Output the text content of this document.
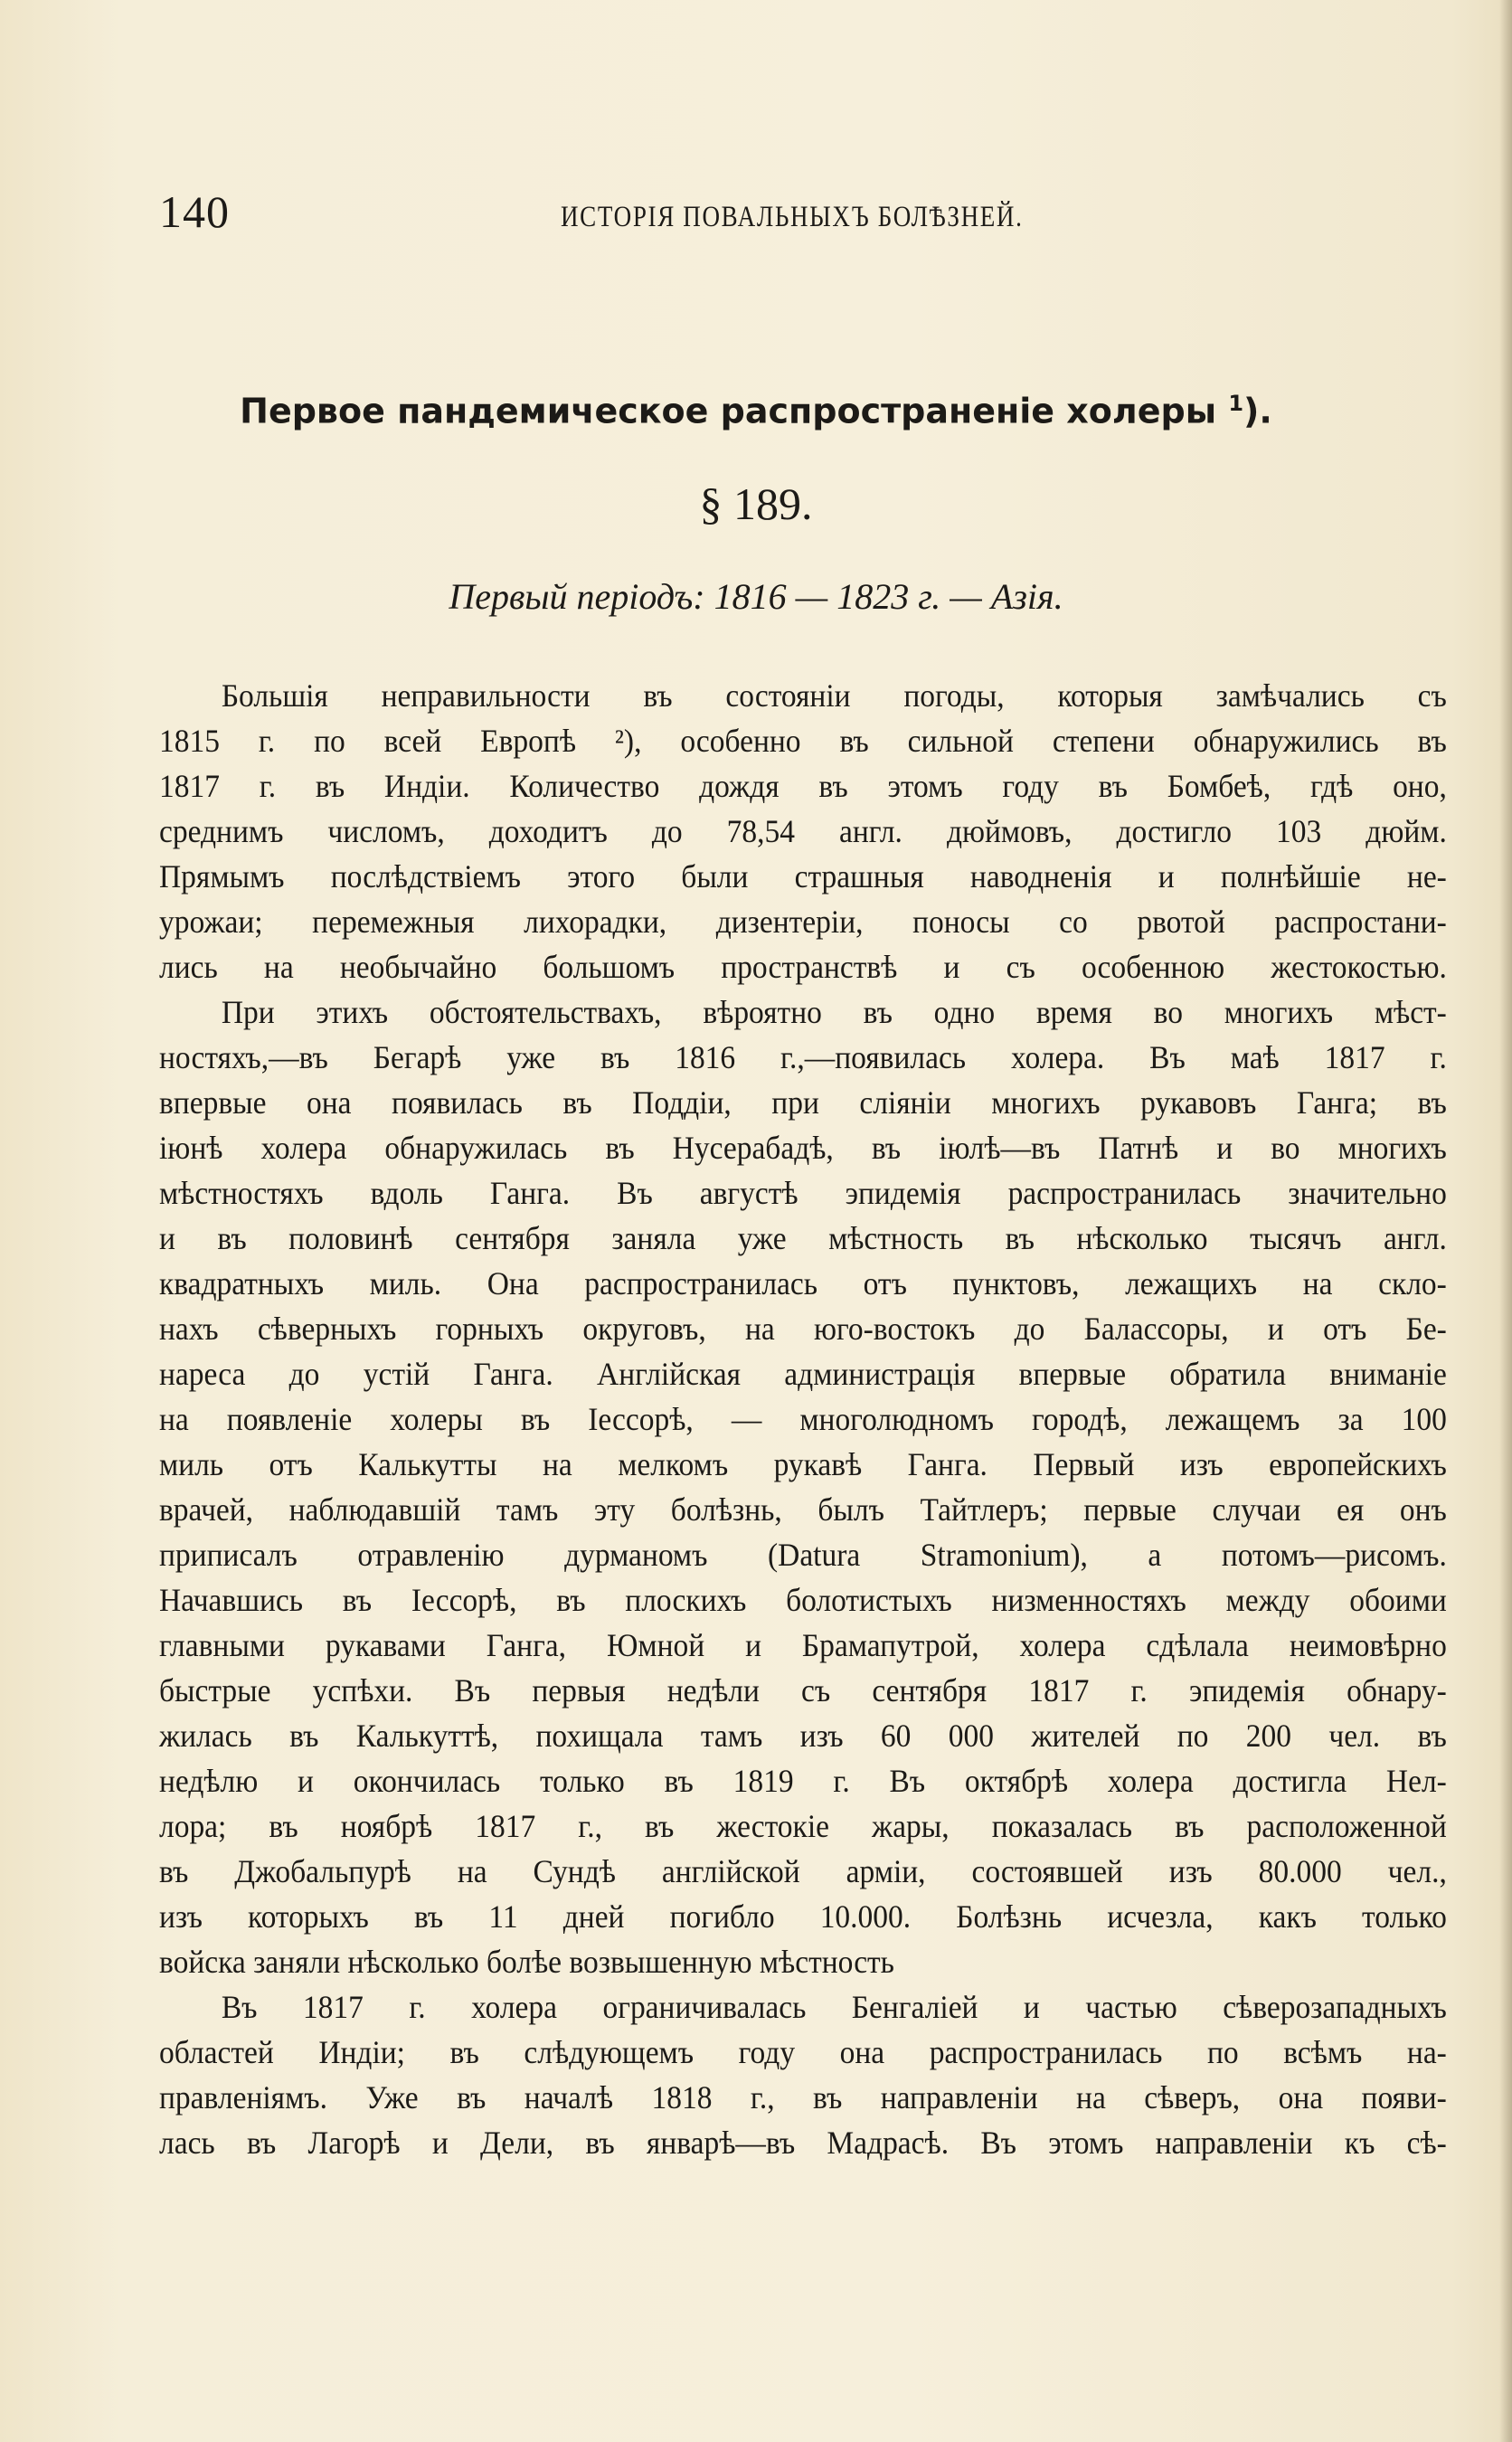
140	ИСТОРІЯ ПОВАЛЬНЫХЪ БОЛѢЗНЕЙ.
Первое пандемическое распространеніе холеры $^1$).
§ 189.
Первый періодъ: 1816 — 1823 г. — Азія.
Большія неправильности въ состояніи погоды, которыя замѣчались съ
1815 г. по всей Европѣ ²), особенно въ сильной степени обнаружились въ
1817 г. въ Индіи. Количество дождя въ этомъ году въ Бомбеѣ, гдѣ оно,
среднимъ числомъ, доходитъ до 78,54 англ. дюймовъ, достигло 103 дюйм.
Прямымъ послѣдствіемъ этого были страшныя наводненія и полнѣйшіе не-
урожаи; перемежныя лихорадки, дизентеріи, поносы со рвотой распростани-
лись на необычайно большомъ пространствѣ и съ особенною жестокостью.
При этихъ обстоятельствахъ, вѣроятно въ одно время во многихъ мѣст-
ностяхъ,—въ Бегарѣ уже въ 1816 г.,—появилась холера. Въ маѣ 1817 г.
впервые она появилась въ Поддіи, при сліяніи многихъ рукавовъ Ганга; въ
іюнѣ холера обнаружилась въ Нусерабадѣ, въ іюлѣ—въ Патнѣ и во многихъ
мѣстностяхъ вдоль Ганга. Въ августѣ эпидемія распространилась значительно
и въ половинѣ сентября заняла уже мѣстность въ нѣсколько тысячъ англ.
квадратныхъ миль. Она распространилась отъ пунктовъ, лежащихъ на скло-
нахъ сѣверныхъ горныхъ округовъ, на юго-востокъ до Балассоры, и отъ Бе-
нареса до устій Ганга. Англійская администрація впервые обратила вниманіе
на появленіе холеры въ Іессорѣ, — многолюдномъ городѣ, лежащемъ за 100
миль отъ Калькутты на мелкомъ рукавѣ Ганга. Первый изъ европейскихъ
врачей, наблюдавшій тамъ эту болѣзнь, былъ Тайтлеръ; первые случаи ея онъ
приписалъ отравленію дурманомъ (Datura Stramonium), а потомъ—рисомъ.
Начавшись въ Іессорѣ, въ плоскихъ болотистыхъ низменностяхъ между обоими
главными рукавами Ганга, Юмной и Брамапутрой, холера сдѣлала неимовѣрно
быстрые успѣхи. Въ первыя недѣли съ сентября 1817 г. эпидемія обнару-
жилась въ Калькуттѣ, похищала тамъ изъ 60 000 жителей по 200 чел. въ
недѣлю и окончилась только въ 1819 г. Въ октябрѣ холера достигла Нел-
лора; въ ноябрѣ 1817 г., въ жестокіе жары, показалась въ расположенной
въ Джобальпурѣ на Сундѣ англійской арміи, состоявшей изъ 80.000 чел.,
изъ которыхъ въ 11 дней погибло 10.000. Болѣзнь исчезла, какъ только
войска заняли нѣсколько болѣе возвышенную мѣстность
Въ 1817 г. холера ограничивалась Бенгаліей и частью сѣверозападныхъ
областей Индіи; въ слѣдующемъ году она распространилась по всѣмъ на-
правленіямъ. Уже въ началѣ 1818 г., въ направленіи на сѣверъ, она появи-
лась въ Лагорѣ и Дели, въ январѣ—въ Мадрасѣ. Въ этомъ направленіи къ сѣ-
